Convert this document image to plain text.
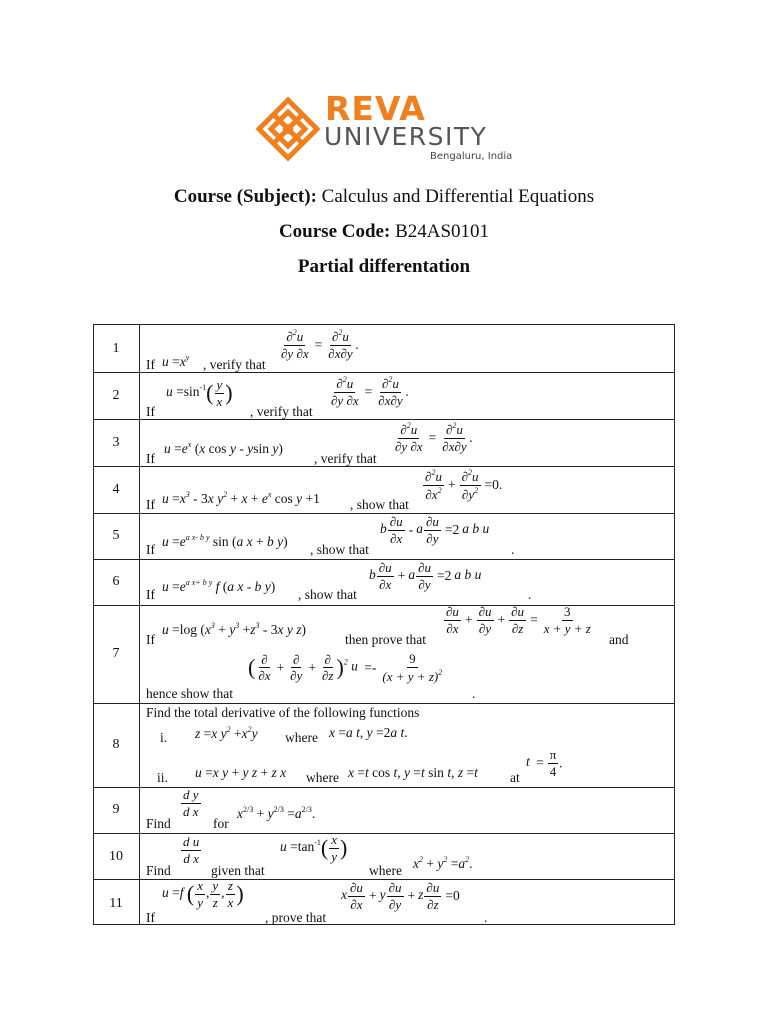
REVA
UNIVERSITY
Bengaluru, India
Course (Subject): Calculus and Differential Equations
Course Code: B24AS0101
Partial differentation
1
If $u =x^y$ , verify that
$\frac{\partial^2u}{\partial y \partial x} = \frac{\partial^2u}{\partial x\partial y}$ .
2
If
$u =\sin^{-1}( \frac{y}{x}$ )
, verify that
$\frac{\partial^2u}{\partial y \partial x} = \frac{\partial^2u}{\partial x\partial y}$ .
3
If
$u =e^x$ (x cos y - ysin y)
, verify that
$\frac{\partial^2u}{\partial y \partial x} = \frac{\partial^2u}{\partial x\partial y}$ .
4
If $u =x^3 - 3x$ $y^2 + x + e^x$ cos y +1 , show that
$\frac{\partial^2u}{\partial x^2} + \frac{\partial^2u}{\partial y^2} =0$.
5
If
$u =e^{a x- b y}$ sin (a x + b y)
, show that
b $\frac{\partial u}{\partial x} - a \frac{\partial u}{\partial y} =2$ a b u
.
6
If
$u =e^{a x+ b y}$ f (a x - b y)
, show that
b $\frac{\partial u}{\partial x} + a \frac{\partial u}{\partial y} =2$ a b u
.
7
If
u =log ($x^3 + y^3 +z^3 - 3x$ y z)
then prove that
$\frac{\partial u}{\partial x} + \frac{\partial u}{\partial y} + \frac{\partial u}{\partial z} = \frac{3}{x + y + z}$
and
( ∂
∂x
+
∂
∂y
+
∂
∂z )$^2$ $u =- \frac{9}{(x + y + z)^2}$
hence show that	.
8
Find the total derivative of the following functions
i. z =x $y^2 +x^2y$ where x =a t, y =2a t.
ii. u =x y + y z + z x where x =t cos t, y =t sin t, z =t at
$t = \frac{\pi}{4}$ .
9
Find
$\frac{\text{d y}}{\text{d x}}$
for
$x^{2/3} + y^{2/3} =a^{2/3}$.
10
Find
$\frac{\text{d u}}{\text{d x}}$
given that
$u =\tan^{-1}( \frac{x}{y}$ )
where $x^2 + y^2 =a^2$.
11
If
u =f ( $\frac{x}{y}$ , $\frac{y}{z}$ , $\frac{z}{x}$ )
, prove that
x $\frac{\partial u}{\partial x} + y \frac{\partial u}{\partial y} + z \frac{\partial u}{\partial z} =0$
.
